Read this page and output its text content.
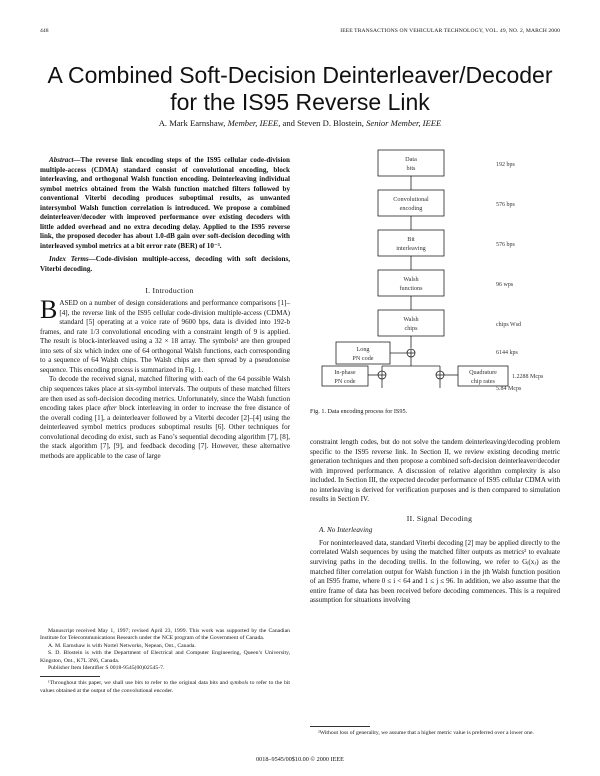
448	IEEE TRANSACTIONS ON VEHICULAR TECHNOLOGY, VOL. 49, NO. 2, MARCH 2000
A Combined Soft-Decision Deinterleaver/Decoder
for the IS95 Reverse Link
A. Mark Earnshaw, Member, IEEE, and Steven D. Blostein, Senior Member, IEEE

Abstract—The reverse link encoding steps of the IS95 cellular code-division multiple-access (CDMA) standard consist of convolutional encoding, block interleaving, and orthogonal Walsh function encoding. Deinterleaving individual symbol metrics obtained from the Walsh function matched filters followed by conventional Viterbi decoding produces suboptimal results, as unwanted intersymbol Walsh function correlation is introduced. We propose a combined deinterleaver/decoder with improved performance over existing decoders with little added overhead and no extra decoding delay. Applied to the IS95 reverse link, the proposed decoder has about 1.0-dB gain over soft-decision decoding with interleaved symbol metrics at a bit error rate (BER) of 10⁻³.

Index Terms—Code-division multiple-access, decoding with soft decisions, Viterbi decoding.

I. Introduction

BASED on a number of design considerations and performance comparisons [1]–[4], the reverse link of the IS95 cellular code-division multiple-access (CDMA) standard [5] operating at a voice rate of 9600 bps, data is divided into 192-b frames, and rate 1/3 convolutional encoding with a constraint length of 9 is applied. The result is block-interleaved using a 32 × 18 array. The symbols¹ are then grouped into sets of six which index one of 64 orthogonal Walsh functions, each corresponding to a sequence of 64 Walsh chips. The Walsh chips are then spread by a pseudonoise sequence. This encoding process is summarized in Fig. 1.

To decode the received signal, matched filtering with each of the 64 possible Walsh chip sequences takes place at six-symbol intervals. The outputs of these matched filters are then used as soft-decision decoding metrics. Unfortunately, since the Walsh function encoding takes place after block interleaving in order to increase the free distance of the overall coding [1], a deinterleaver followed by a Viterbi decoder [2]–[4] using the deinterleaved symbol metrics produces suboptimal results [6]. Other techniques for convolutional decoding do exist, such as Fano’s sequential decoding algorithm [7], [8], the stack algorithm [7], [9], and feedback decoding [7]. However, these alternative methods are applicable to the case of large

Manuscript received May 1, 1997; revised April 23, 1999. This work was supported by the Canadian Institute for Telecommunications Research under the NCE program of the Government of Canada.

A. M. Earnshaw is with Nortel Networks, Nepean, Ont., Canada.

S. D. Blostein is with the Department of Electrical and Computer Engineering, Queen’s University, Kingston, Ont., K7L 3N6, Canada.

Publisher Item Identifier S 0018-9545(00)02545-7.

¹Throughout this paper, we shall use bits to refer to the original data bits and symbols to refer to the bit values obtained at the output of the convolutional encoder.

Data
bits
Convolutional
encoding
Bit
interleaving
Walsh
functions
Walsh
chips
Long
PN code
In-phase
PN code
Quadrature
chip rates
192 bps
576 bps
576 bps
96 wps
chips Wsd
6144 kps
1.2288 Mcps
5.84 Mcps
Fig. 1. Data encoding process for IS95.

constraint length codes, but do not solve the tandem deinterleaving/decoding problem specific to the IS95 reverse link. In Section II, we review existing decoding metric generation techniques and then propose a combined soft-decision deinterleaver/decoder with improved performance. A discussion of relative algorithm complexity is also included. In Section III, the expected decoder performance of IS95 cellular CDMA with no interleaving is derived for verification purposes and is then compared to simulation results in Section IV.

II. Signal Decoding

A. No Interleaving

For noninterleaved data, standard Viterbi decoding [2] may be applied directly to the correlated Walsh sequences by using the matched filter outputs as metrics² to evaluate surviving paths in the decoding trellis. In the following, we refer to Gᵢ(xⱼ) as the matched filter correlation output for Walsh function i in the jth Walsh function position of an IS95 frame, where 0 ≤ i < 64 and 1 ≤ j ≤ 96. In addition, we also assume that the entire frame of data has been received before decoding commences. This is a required assumption for situations involving

²Without loss of generality, we assume that a higher metric value is preferred over a lower one.

0018–9545/00$10.00 © 2000 IEEE
